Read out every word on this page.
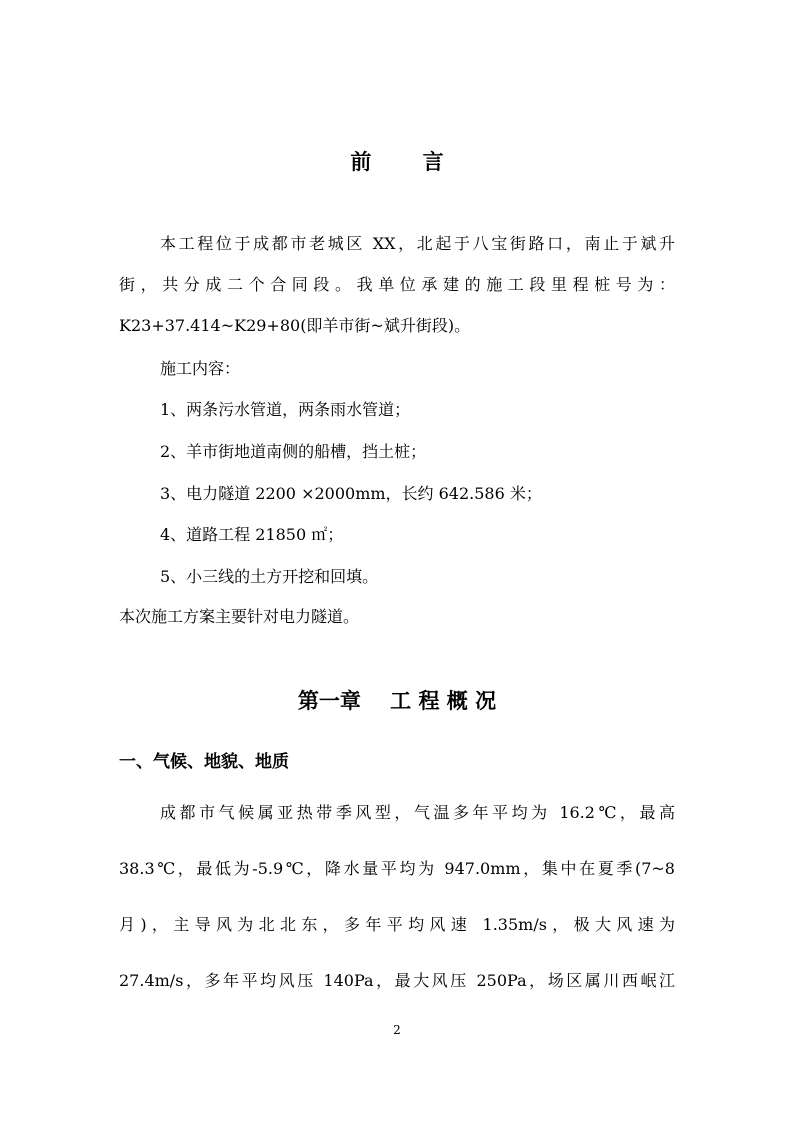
前       言
本工程位于成都市老城区 XX，北起于八宝街路口，南止于斌升
街，共分成二个合同段。我单位承建的施工段里程桩号为：
K23+37.414~K29+80(即羊市街~斌升街段)。
施工内容：
1、两条污水管道，两条雨水管道；
2、羊市街地道南侧的船槽，挡土桩；
3、电力隧道 2200 ×2000mm，长约 642.586 米；
4、道路工程 21850 ㎡；
5、小三线的土方开挖和回填。
本次施工方案主要针对电力隧道。
第一章    工 程 概 况
一、气候、地貌、地质
成都市气候属亚热带季风型，气温多年平均为 16.2℃，最高
38.3℃，最低为-5.9℃，降水量平均为 947.0mm，集中在夏季(7~8
月)，主导风为北北东，多年平均风速 1.35m/s，极大风速为
27.4m/s，多年平均风压 140Pa，最大风压 250Pa，场区属川西岷江
2
